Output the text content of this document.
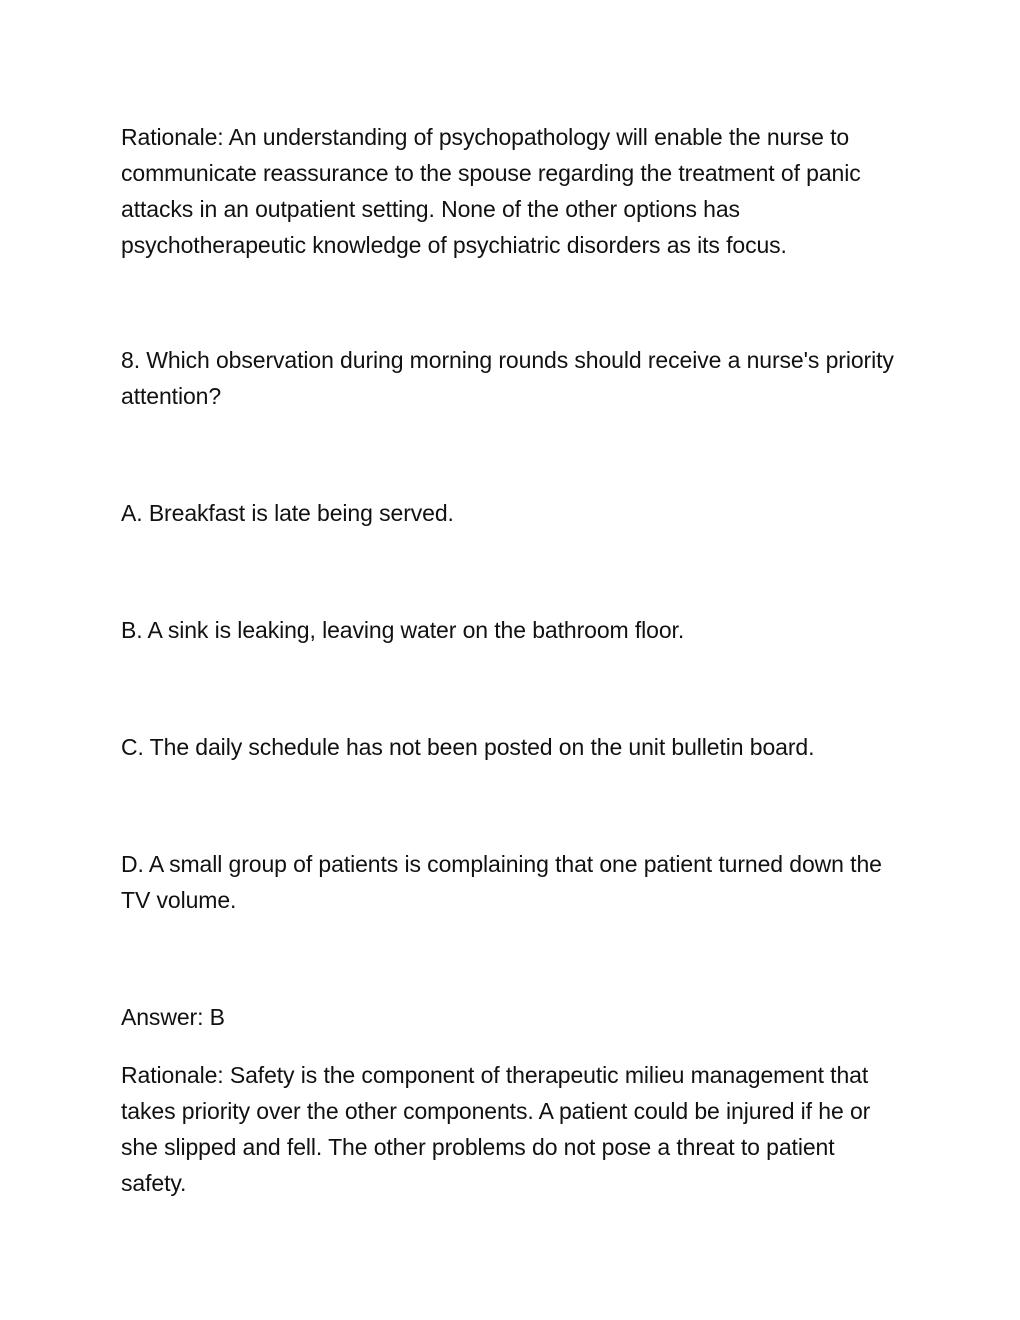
Rationale: An understanding of psychopathology will enable the nurse to communicate reassurance to the spouse regarding the treatment of panic attacks in an outpatient setting. None of the other options has psychotherapeutic knowledge of psychiatric disorders as its focus.

8. Which observation during morning rounds should receive a nurse's priority attention?

A. Breakfast is late being served.

B. A sink is leaking, leaving water on the bathroom floor.

C. The daily schedule has not been posted on the unit bulletin board.

D. A small group of patients is complaining that one patient turned down the TV volume.

Answer: B

Rationale: Safety is the component of therapeutic milieu management that takes priority over the other components. A patient could be injured if he or she slipped and fell. The other problems do not pose a threat to patient safety.
